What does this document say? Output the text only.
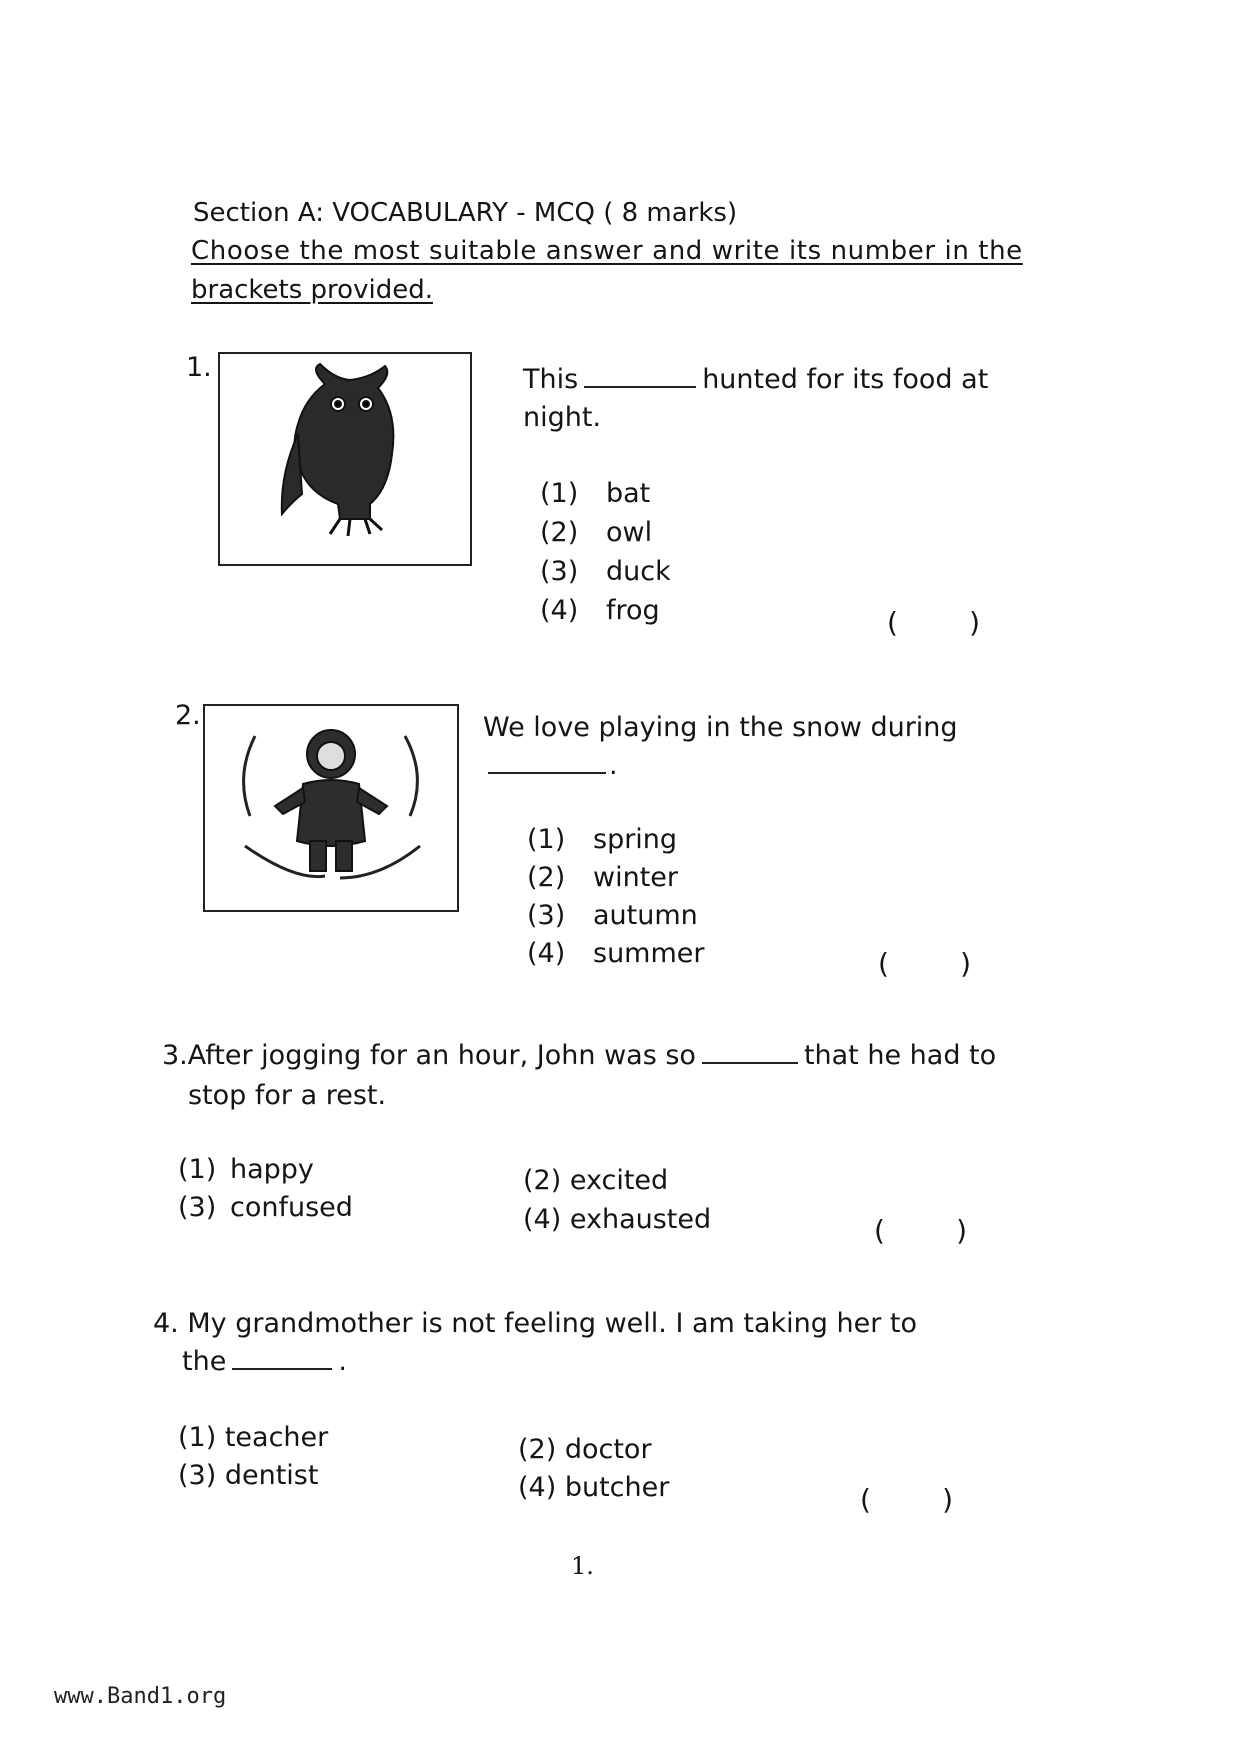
Section A: VOCABULARY - MCQ ( 8 marks)
Choose the most suitable answer and write its number in the
brackets provided.
1.	This	hunted for its food at
night.
(1) bat
(2) owl
(3) duck
(4) frog	(        )
2.	We love playing in the snow during
.
(1) spring
(2) winter
(3) autumn
(4) summer	(        )
3.After jogging for an hour, John was so	that he had to
stop for a rest.
(1) happy	(2) excited
(3) confused	(4) exhausted	(        )
4. My grandmother is not feeling well. I am taking her to
the	.
(1) teacher	(2) doctor
(3) dentist	(4) butcher	(        )
1.
www.Band1.org
